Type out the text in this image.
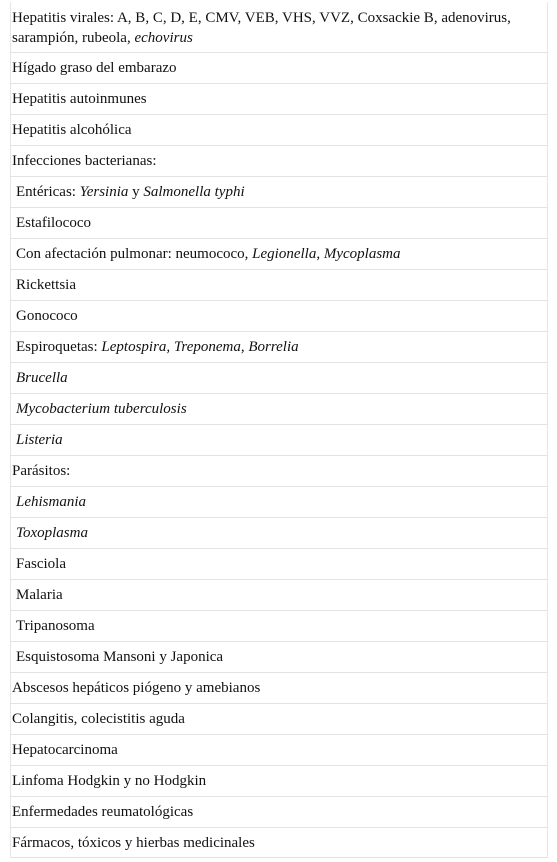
Hepatitis virales: A, B, C, D, E, CMV, VEB, VHS, VVZ, Coxsackie B, adenovirus, sarampión, rubeola, echovirus
Hígado graso del embarazo
Hepatitis autoinmunes
Hepatitis alcohólica
Infecciones bacterianas:
Entéricas: Yersinia y Salmonella typhi
Estafilococo
Con afectación pulmonar: neumococo, Legionella, Mycoplasma
Rickettsia
Gonococo
Espiroquetas: Leptospira, Treponema, Borrelia
Brucella
Mycobacterium tuberculosis
Listeria
Parásitos:
Lehismania
Toxoplasma
Fasciola
Malaria
Tripanosoma
Esquistosoma Mansoni y Japonica
Abscesos hepáticos piógeno y amebianos
Colangitis, colecistitis aguda
Hepatocarcinoma
Linfoma Hodgkin y no Hodgkin
Enfermedades reumatológicas
Fármacos, tóxicos y hierbas medicinales
